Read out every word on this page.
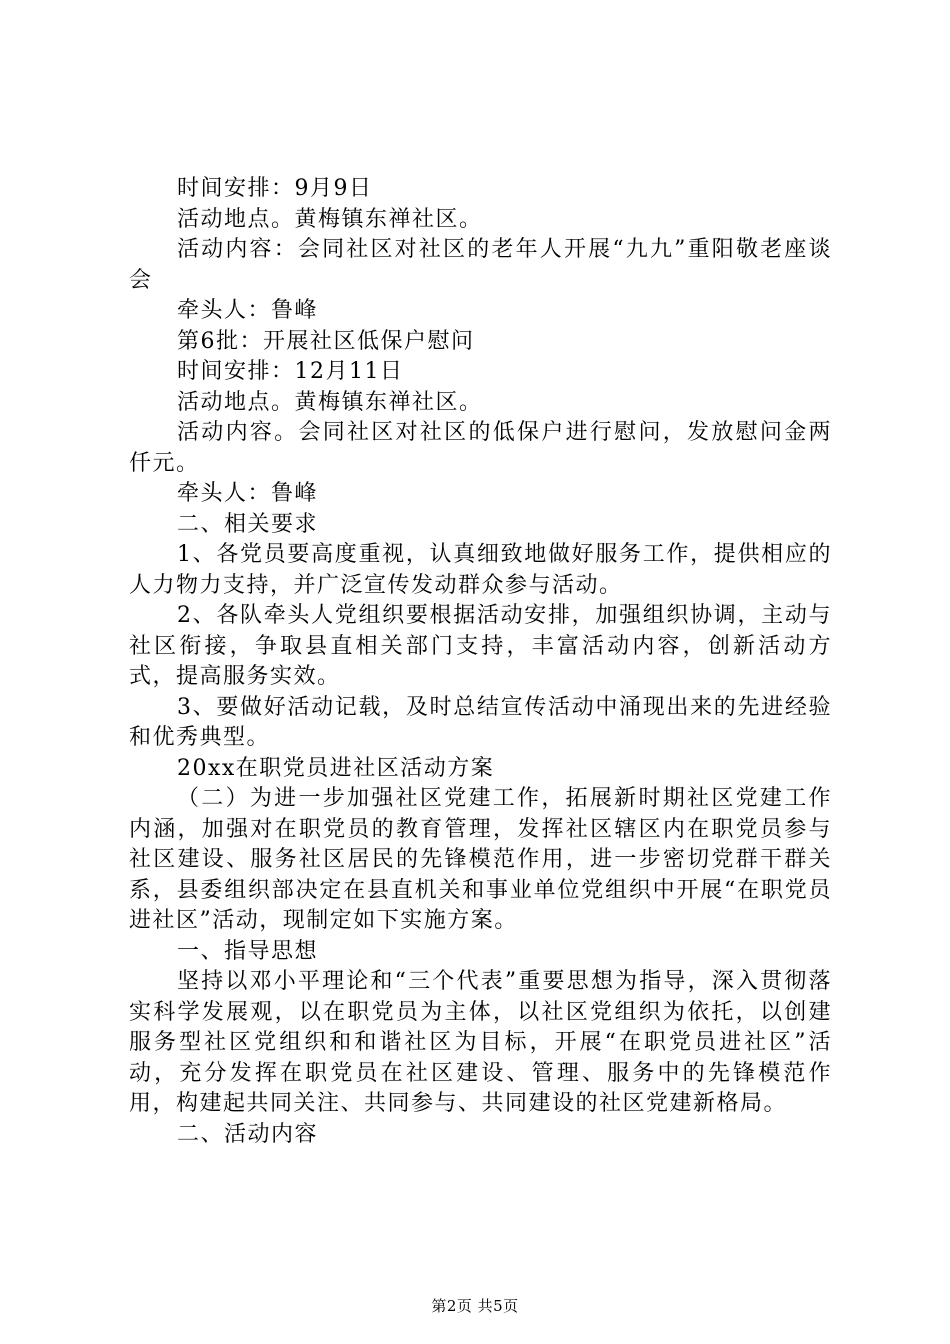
时间安排：9月9日

活动地点。黄梅镇东禅社区。

活动内容：会同社区对社区的老年人开展“九九”重阳敬老座谈会

牵头人：鲁峰

第6批：开展社区低保户慰问

时间安排：12月11日

活动地点。黄梅镇东禅社区。

活动内容。会同社区对社区的低保户进行慰问，发放慰问金两仟元。

牵头人：鲁峰

二、相关要求

1、各党员要高度重视，认真细致地做好服务工作，提供相应的人力物力支持，并广泛宣传发动群众参与活动。

2、各队牵头人党组织要根据活动安排，加强组织协调，主动与社区衔接，争取县直相关部门支持，丰富活动内容，创新活动方式，提高服务实效。

3、要做好活动记载，及时总结宣传活动中涌现出来的先进经验和优秀典型。

20xx在职党员进社区活动方案

（二）为进一步加强社区党建工作，拓展新时期社区党建工作内涵，加强对在职党员的教育管理，发挥社区辖区内在职党员参与社区建设、服务社区居民的先锋模范作用，进一步密切党群干群关系，县委组织部决定在县直机关和事业单位党组织中开展“在职党员进社区”活动，现制定如下实施方案。

一、指导思想

坚持以邓小平理论和“三个代表”重要思想为指导，深入贯彻落实科学发展观，以在职党员为主体，以社区党组织为依托，以创建服务型社区党组织和和谐社区为目标，开展“在职党员进社区”活动，充分发挥在职党员在社区建设、管理、服务中的先锋模范作用，构建起共同关注、共同参与、共同建设的社区党建新格局。

二、活动内容

第2页 共5页
